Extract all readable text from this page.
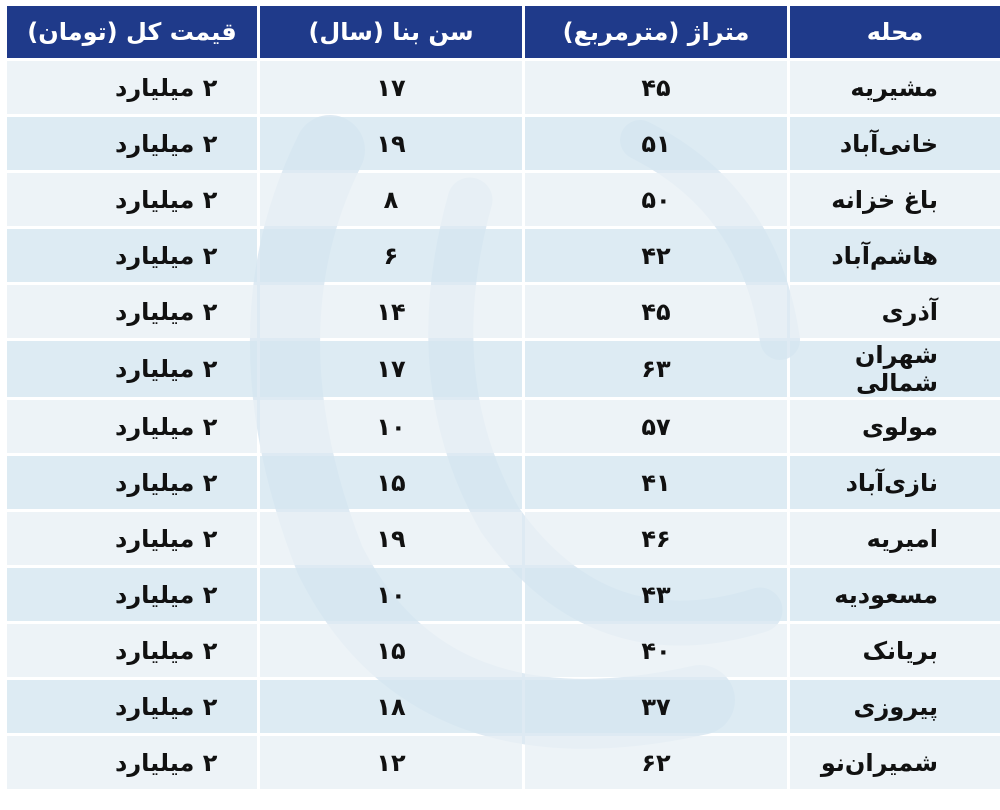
محله	متراژ (مترمربع)	سن بنا (سال)	قیمت کل (تومان)
مشیریه	۴۵	۱۷	۲ میلیارد
خانی‌آباد	۵۱	۱۹	۲ میلیارد
باغ خزانه	۵۰	۸	۲ میلیارد
هاشم‌آباد	۴۲	۶	۲ میلیارد
آذری	۴۵	۱۴	۲ میلیارد
شهران شمالی	۶۳	۱۷	۲ میلیارد
مولوی	۵۷	۱۰	۲ میلیارد
نازی‌آباد	۴۱	۱۵	۲ میلیارد
امیریه	۴۶	۱۹	۲ میلیارد
مسعودیه	۴۳	۱۰	۲ میلیارد
بریانک	۴۰	۱۵	۲ میلیارد
پیروزی	۳۷	۱۸	۲ میلیارد
شمیران‌نو	۶۲	۱۲	۲ میلیارد
